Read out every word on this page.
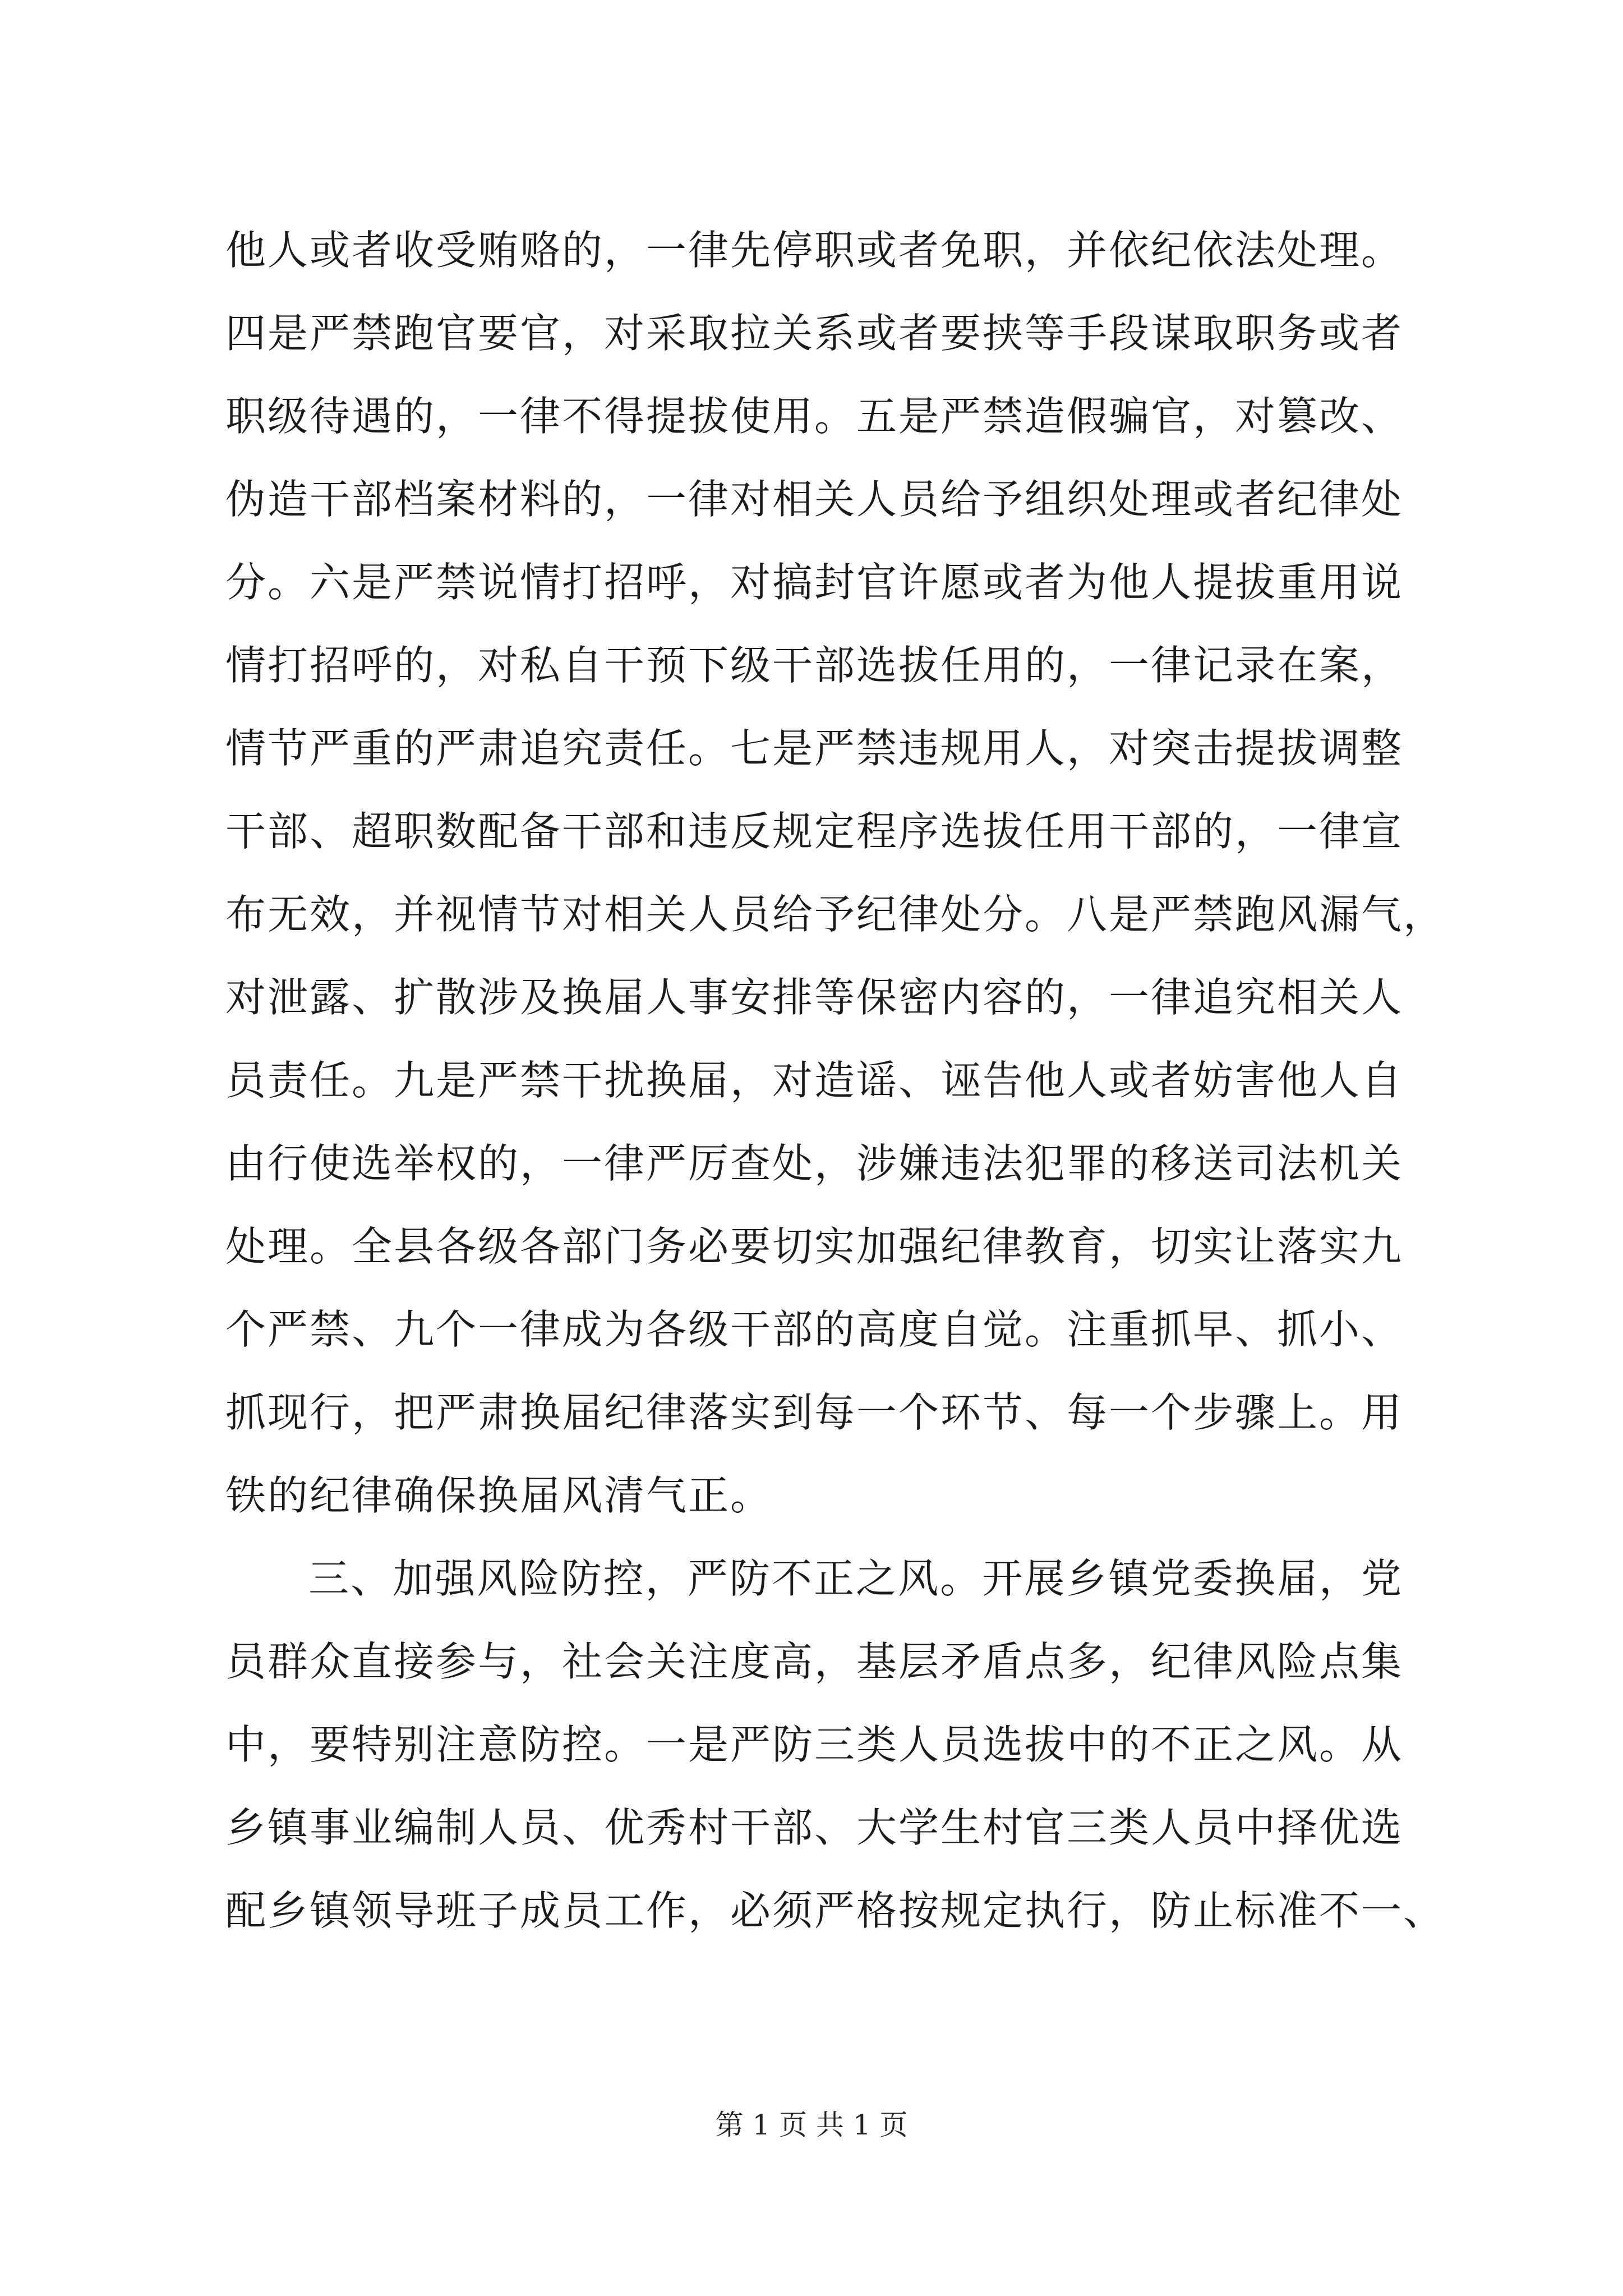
他人或者收受贿赂的，一律先停职或者免职，并依纪依法处理。
四是严禁跑官要官，对采取拉关系或者要挟等手段谋取职务或者
职级待遇的，一律不得提拔使用。五是严禁造假骗官，对篡改、
伪造干部档案材料的，一律对相关人员给予组织处理或者纪律处
分。六是严禁说情打招呼，对搞封官许愿或者为他人提拔重用说
情打招呼的，对私自干预下级干部选拔任用的，一律记录在案，
情节严重的严肃追究责任。七是严禁违规用人，对突击提拔调整
干部、超职数配备干部和违反规定程序选拔任用干部的，一律宣
布无效，并视情节对相关人员给予纪律处分。八是严禁跑风漏气，
对泄露、扩散涉及换届人事安排等保密内容的，一律追究相关人
员责任。九是严禁干扰换届，对造谣、诬告他人或者妨害他人自
由行使选举权的，一律严厉查处，涉嫌违法犯罪的移送司法机关
处理。全县各级各部门务必要切实加强纪律教育，切实让落实九
个严禁、九个一律成为各级干部的高度自觉。注重抓早、抓小、
抓现行，把严肃换届纪律落实到每一个环节、每一个步骤上。用
铁的纪律确保换届风清气正。
三、加强风险防控，严防不正之风。开展乡镇党委换届，党
员群众直接参与，社会关注度高，基层矛盾点多，纪律风险点集
中，要特别注意防控。一是严防三类人员选拔中的不正之风。从
乡镇事业编制人员、优秀村干部、大学生村官三类人员中择优选
配乡镇领导班子成员工作，必须严格按规定执行，防止标准不一、
第 1 页 共 1 页
